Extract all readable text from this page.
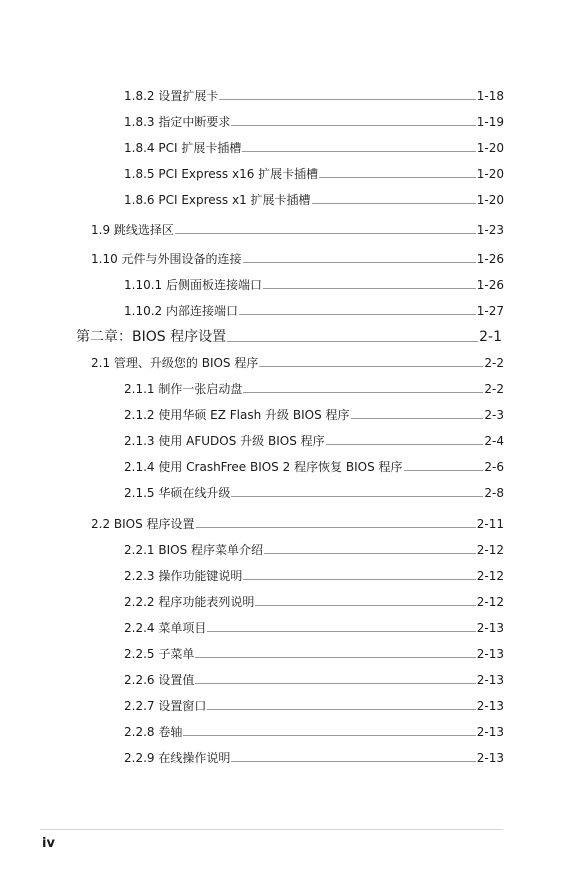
1.8.2 设置扩展卡	1-18
1.8.3 指定中断要求	1-19
1.8.4 PCI 扩展卡插槽	1-20
1.8.5 PCI Express x16 扩展卡插槽	1-20
1.8.6 PCI Express x1 扩展卡插槽	1-20
1.9 跳线选择区	1-23
1.10 元件与外围设备的连接	1-26
1.10.1 后侧面板连接端口	1-26
1.10.2 内部连接端口	1-27
第二章：BIOS 程序设置	2-1
2.1 管理、升级您的 BIOS 程序	2-2
2.1.1 制作一张启动盘	2-2
2.1.2 使用华硕 EZ Flash 升级 BIOS 程序	2-3
2.1.3 使用 AFUDOS 升级 BIOS 程序	2-4
2.1.4 使用 CrashFree BIOS 2 程序恢复 BIOS 程序	2-6
2.1.5 华硕在线升级	2-8
2.2 BIOS 程序设置	2-11
2.2.1 BIOS 程序菜单介绍	2-12
2.2.3 操作功能键说明	2-12
2.2.2 程序功能表列说明	2-12
2.2.4 菜单项目	2-13
2.2.5 子菜单	2-13
2.2.6 设置值	2-13
2.2.7 设置窗口	2-13
2.2.8 卷轴	2-13
2.2.9 在线操作说明	2-13
iv
